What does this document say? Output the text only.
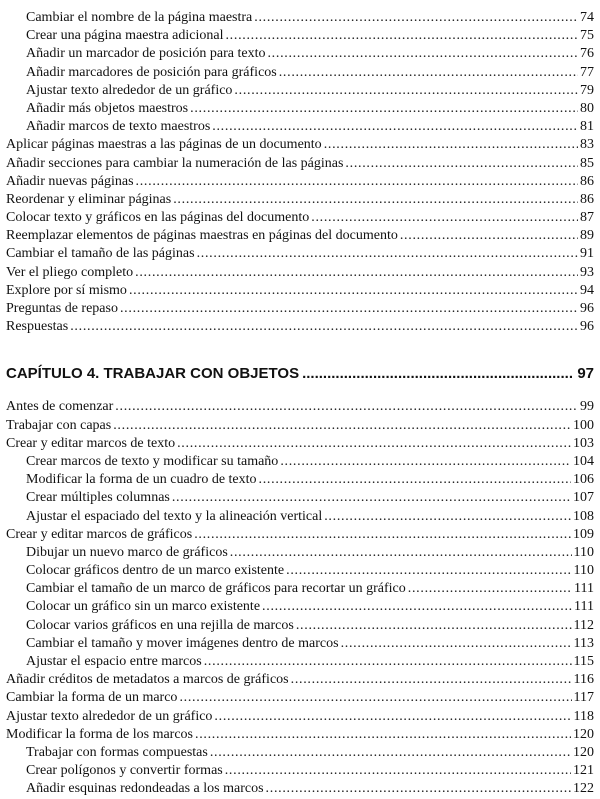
Cambiar el nombre de la página maestra . . .	74
Crear una página maestra adicional . . .	75
Añadir un marcador de posición para texto . . .	76
Añadir marcadores de posición para gráficos . . .	77
Ajustar texto alrededor de un gráfico . . .	79
Añadir más objetos maestros . . .	80
Añadir marcos de texto maestros . . .	81
Aplicar páginas maestras a las páginas de un documento . . .	83
Añadir secciones para cambiar la numeración de las páginas . . .	85
Añadir nuevas páginas . . .	86
Reordenar y eliminar páginas . . .	86
Colocar texto y gráficos en las páginas del documento . . .	87
Reemplazar elementos de páginas maestras en páginas del documento . . .	89
Cambiar el tamaño de las páginas . . .	91
Ver el pliego completo . . .	93
Explore por sí mismo . . .	94
Preguntas de repaso . . .	96
Respuestas . . .	96
CAPÍTULO 4. TRABAJAR CON OBJETOS .....	97
Antes de comenzar . . .	99
Trabajar con capas . . .	100
Crear y editar marcos de texto . . .	103
Crear marcos de texto y modificar su tamaño . . .	104
Modificar la forma de un cuadro de texto . . .	106
Crear múltiples columnas . . .	107
Ajustar el espaciado del texto y la alineación vertical . . .	108
Crear y editar marcos de gráficos . . .	109
Dibujar un nuevo marco de gráficos . . .	110
Colocar gráficos dentro de un marco existente . . .	110
Cambiar el tamaño de un marco de gráficos para recortar un gráfico . . .	111
Colocar un gráfico sin un marco existente . . .	111
Colocar varios gráficos en una rejilla de marcos . . .	112
Cambiar el tamaño y mover imágenes dentro de marcos . . .	113
Ajustar el espacio entre marcos . . .	115
Añadir créditos de metadatos a marcos de gráficos . . .	116
Cambiar la forma de un marco . . .	117
Ajustar texto alrededor de un gráfico . . .	118
Modificar la forma de los marcos . . .	120
Trabajar con formas compuestas . . .	120
Crear polígonos y convertir formas . . .	121
Añadir esquinas redondeadas a los marcos . . .	122
